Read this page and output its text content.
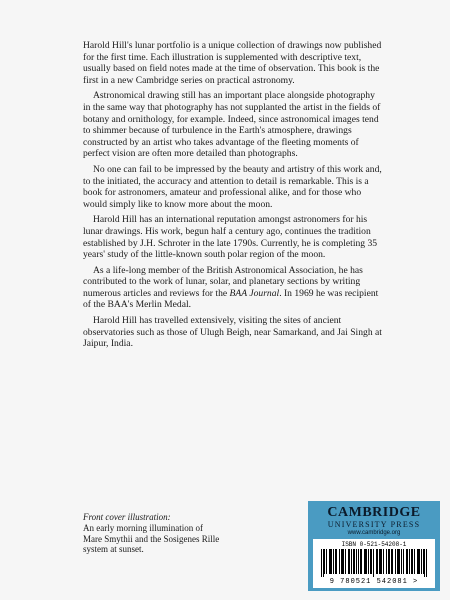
Harold Hill's lunar portfolio is a unique collection of drawings now published for the first time. Each illustration is supplemented with descriptive text, usually based on field notes made at the time of observation. This book is the first in a new Cambridge series on practical astronomy.

Astronomical drawing still has an important place alongside photography in the same way that photography has not supplanted the artist in the fields of botany and ornithology, for example. Indeed, since astronomical images tend to shimmer because of turbulence in the Earth's atmosphere, drawings constructed by an artist who takes advantage of the fleeting moments of perfect vision are often more detailed than photographs.

No one can fail to be impressed by the beauty and artistry of this work and, to the initiated, the accuracy and attention to detail is remarkable. This is a book for astronomers, amateur and professional alike, and for those who would simply like to know more about the moon.

Harold Hill has an international reputation amongst astronomers for his lunar drawings. His work, begun half a century ago, continues the tradition established by J.H. Schroter in the late 1790s. Currently, he is completing 35 years' study of the little-known south polar region of the moon.

As a life-long member of the British Astronomical Association, he has contributed to the work of lunar, solar, and planetary sections by writing numerous articles and reviews for the BAA Journal. In 1969 he was recipient of the BAA's Merlin Medal.

Harold Hill has travelled extensively, visiting the sites of ancient observatories such as those of Ulugh Beigh, near Samarkand, and Jai Singh at Jaipur, India.

Front cover illustration:
An early morning illumination of
Mare Smythii and the Sosigenes Rille
system at sunset.
CAMBRIDGE
UNIVERSITY PRESS
www.cambridge.org
ISBN 0-521-54208-1
9 780521 542081 >
